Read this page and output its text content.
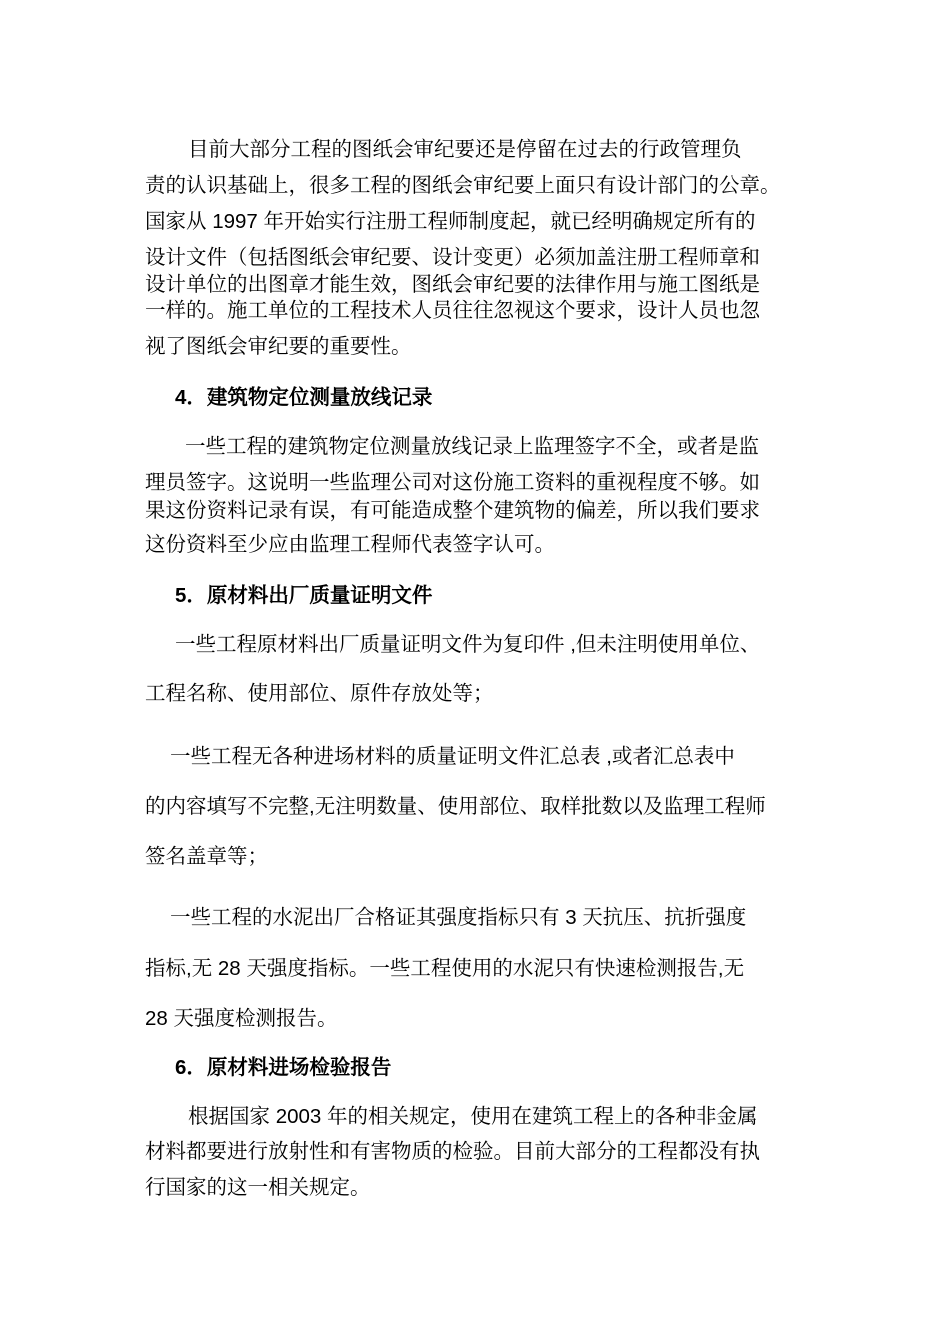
目前大部分工程的图纸会审纪要还是停留在过去的行政管理负
责的认识基础上，很多工程的图纸会审纪要上面只有设计部门的公章。
国家从 1997 年开始实行注册工程师制度起，就已经明确规定所有的
设计文件（包括图纸会审纪要、设计变更）必须加盖注册工程师章和
设计单位的出图章才能生效，图纸会审纪要的法律作用与施工图纸是
一样的。施工单位的工程技术人员往往忽视这个要求，设计人员也忽
视了图纸会审纪要的重要性。
4．建筑物定位测量放线记录
一些工程的建筑物定位测量放线记录上监理签字不全，或者是监
理员签字。这说明一些监理公司对这份施工资料的重视程度不够。如
果这份资料记录有误，有可能造成整个建筑物的偏差，所以我们要求
这份资料至少应由监理工程师代表签字认可。
5．原材料出厂质量证明文件
一些工程原材料出厂质量证明文件为复印件 ,但未注明使用单位、
工程名称、使用部位、原件存放处等；
一些工程无各种进场材料的质量证明文件汇总表 ,或者汇总表中
的内容填写不完整,无注明数量、使用部位、取样批数以及监理工程师
签名盖章等；
一些工程的水泥出厂合格证其强度指标只有 3 天抗压、抗折强度
指标,无 28 天强度指标。一些工程使用的水泥只有快速检测报告,无
28 天强度检测报告。
6．原材料进场检验报告
根据国家 2003 年的相关规定，使用在建筑工程上的各种非金属
材料都要进行放射性和有害物质的检验。目前大部分的工程都没有执
行国家的这一相关规定。
